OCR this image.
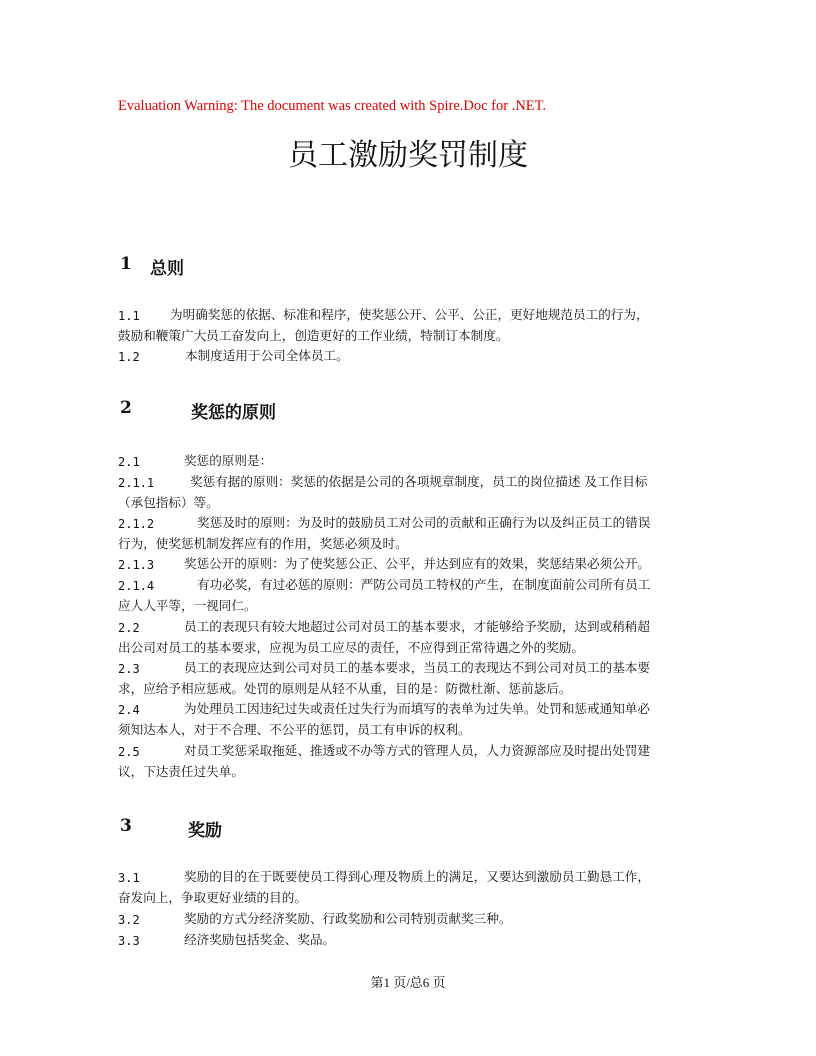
Evaluation Warning: The document was created with Spire.Doc for .NET.
员工激励奖罚制度
第1 页/总6 页
1 总则
2	奖惩的原则
3	奖励
1.1 为明确奖惩的依据、标准和程序，使奖惩公开、公平、公正，更好地规范员工的行为，
鼓励和鞭策广大员工奋发向上，创造更好的工作业绩，特制订本制度。
1.2	本制度适用于公司全体员工。
2.1	奖惩的原则是：
2.1.1	奖惩有据的原则：奖惩的依据是公司的各项规章制度，员工的岗位描述 及工作目标
（承包指标）等。
2.1.2	奖惩及时的原则：为及时的鼓励员工对公司的贡献和正确行为以及纠正员工的错误
行为，使奖惩机制发挥应有的作用，奖惩必须及时。
2.1.3 奖惩公开的原则：为了使奖惩公正、公平，并达到应有的效果，奖惩结果必须公开。
2.1.4	有功必奖，有过必惩的原则：严防公司员工特权的产生，在制度面前公司所有员工
应人人平等，一视同仁。
2.2	员工的表现只有较大地超过公司对员工的基本要求，才能够给予奖励，达到或稍稍超
出公司对员工的基本要求，应视为员工应尽的责任，不应得到正常待遇之外的奖励。
2.3	员工的表现应达到公司对员工的基本要求，当员工的表现达不到公司对员工的基本要
求，应给予相应惩戒。处罚的原则是从轻不从重，目的是：防微杜渐、惩前毖后。
2.4	为处理员工因违纪过失或责任过失行为而填写的表单为过失单。处罚和惩戒通知单必
须知达本人，对于不合理、不公平的惩罚，员工有申诉的权利。
2.5	对员工奖惩采取拖延、推透或不办等方式的管理人员，人力资源部应及时提出处罚建
议，下达责任过失单。
3.1	奖励的目的在于既要使员工得到心理及物质上的满足，又要达到激励员工勤恳工作，
奋发向上，争取更好业绩的目的。
3.2	奖励的方式分经济奖励、行政奖励和公司特别贡献奖三种。
3.3	经济奖励包括奖金、奖品。
